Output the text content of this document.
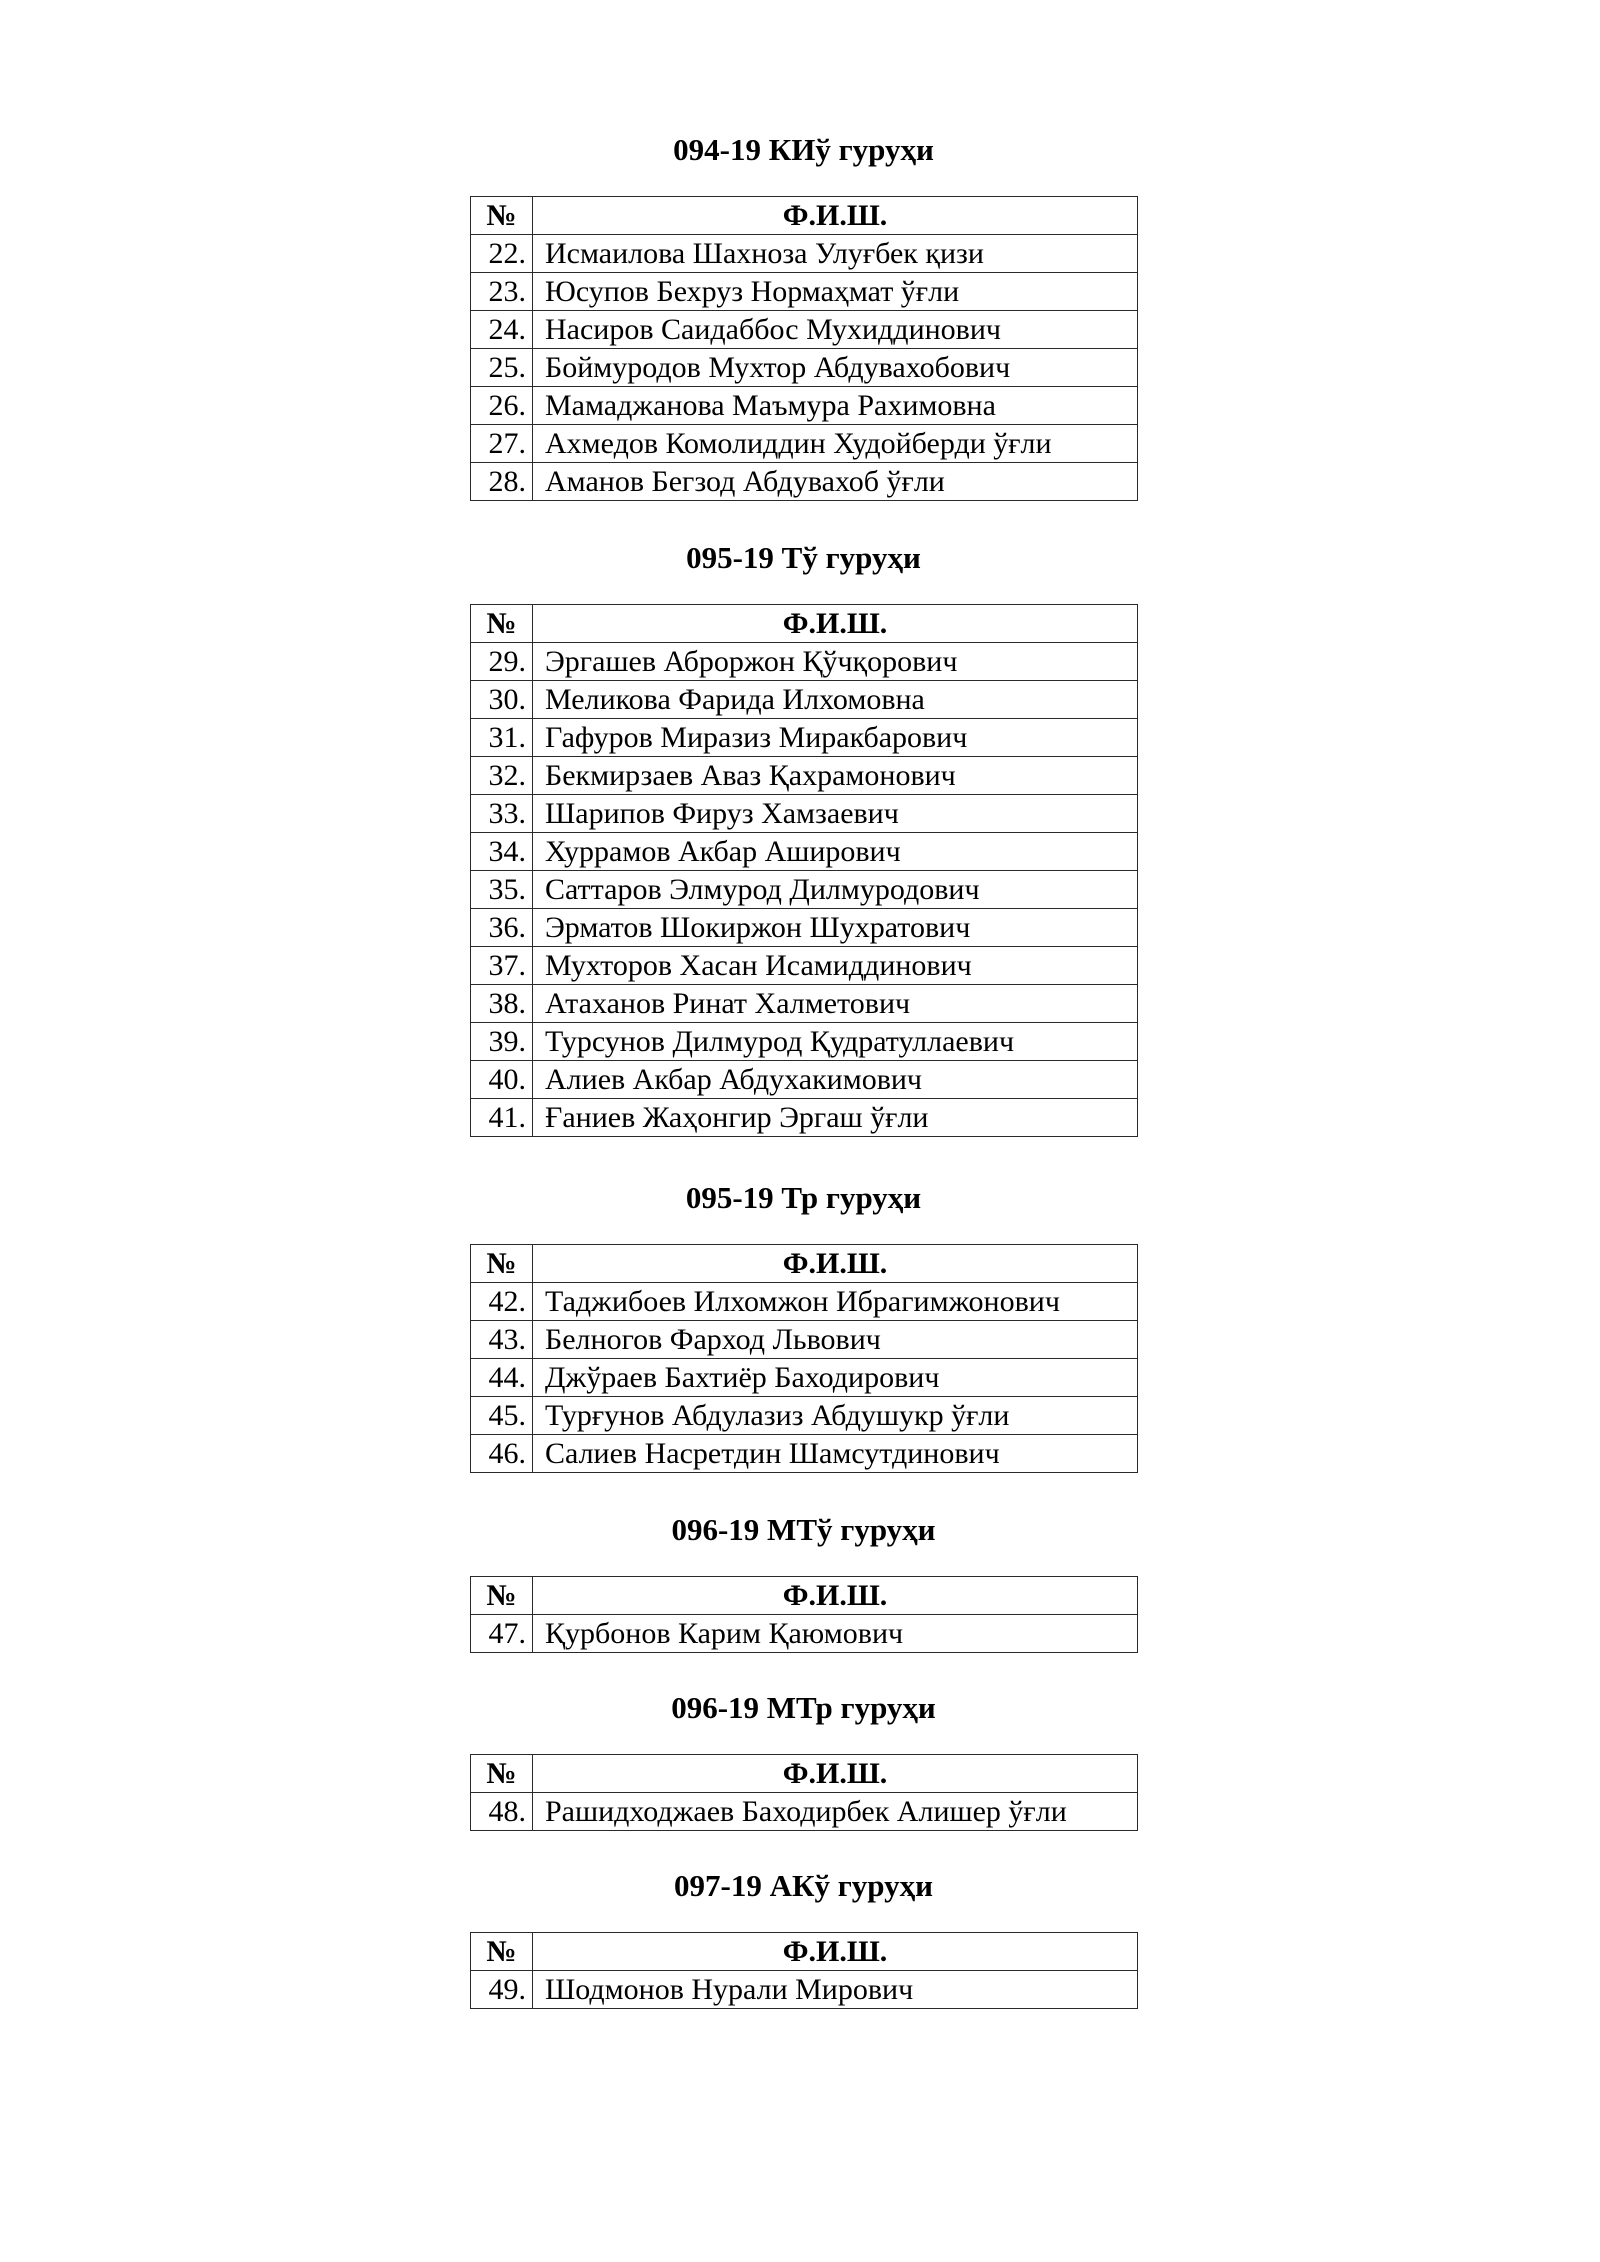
094-19 КИў гуруҳи
№	Ф.И.Ш.
22.	Исмаилова Шахноза Улуғбек қизи
23.	Юсупов Бехруз Нормаҳмат ўғли
24.	Насиров Саидаббос Мухиддинович
25.	Боймуродов Мухтор Абдувахобович
26.	Мамаджанова Маъмура Рахимовна
27.	Ахмедов Комолиддин Худойберди ўғли
28.	Аманов Бегзод Абдувахоб ўғли
095-19 Тў гуруҳи
№	Ф.И.Ш.
29.	Эргашев Аброржон Қўчқорович
30.	Меликова Фарида Илхомовна
31.	Гафуров Миразиз Миракбарович
32.	Бекмирзаев Аваз Қахрамонович
33.	Шарипов Фируз Хамзаевич
34.	Хуррамов Акбар Аширович
35.	Саттаров Элмурод Дилмуродович
36.	Эрматов Шокиржон Шухратович
37.	Мухторов Хасан Исамиддинович
38.	Атаханов Ринат Халметович
39.	Турсунов Дилмурод Қудратуллаевич
40.	Алиев Акбар Абдухакимович
41.	Ғаниев Жаҳонгир Эргаш ўғли
095-19 Тр гуруҳи
№	Ф.И.Ш.
42.	Таджибоев Илхомжон Ибрагимжонович
43.	Белногов Фарход Львович
44.	Джўраев Бахтиёр Баходирович
45.	Турғунов Абдулазиз Абдушукр ўғли
46.	Салиев Насретдин Шамсутдинович
096-19 МТў гуруҳи
№	Ф.И.Ш.
47.	Қурбонов Карим Қаюмович
096-19 МТр гуруҳи
№	Ф.И.Ш.
48.	Рашидходжаев Баходирбек Алишер ўғли
097-19 АКў гуруҳи
№	Ф.И.Ш.
49.	Шодмонов Нурали Мирович
